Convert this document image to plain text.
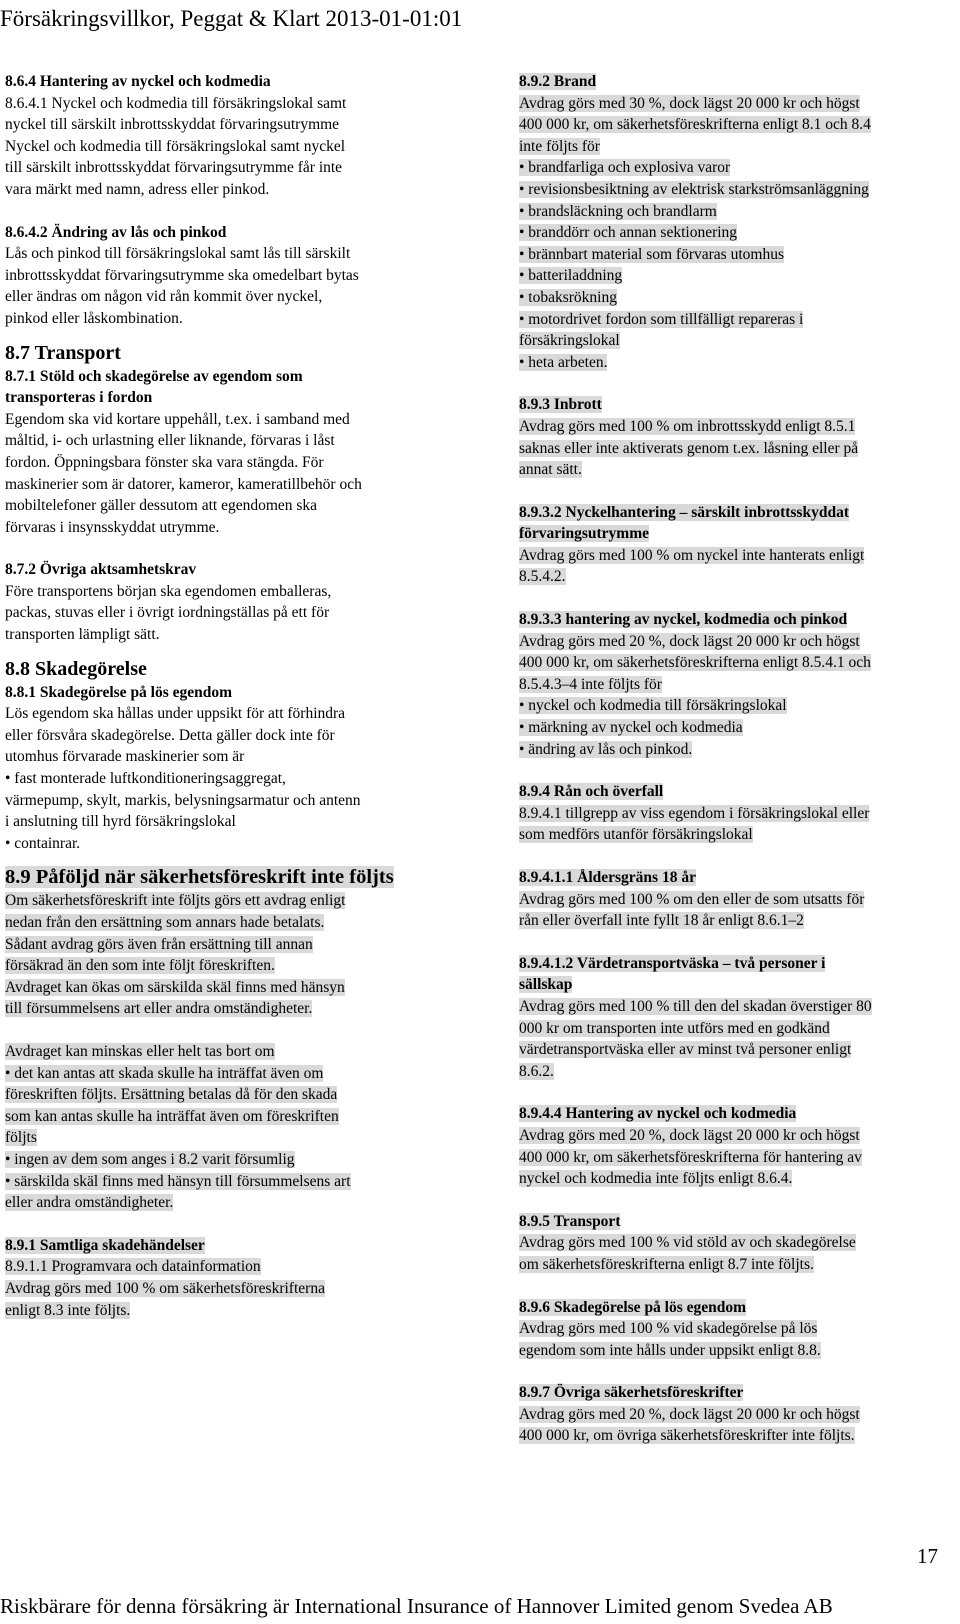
Försäkringsvillkor, Peggat & Klart 2013-01-01:01
8.6.4 Hantering av nyckel och kodmedia
8.6.4.1 Nyckel och kodmedia till försäkringslokal samt
nyckel till särskilt inbrottsskyddat förvaringsutrymme
Nyckel och kodmedia till försäkringslokal samt nyckel
till särskilt inbrottsskyddat förvaringsutrymme får inte
vara märkt med namn, adress eller pinkod.
8.6.4.2 Ändring av lås och pinkod
Lås och pinkod till försäkringslokal samt lås till särskilt
inbrottsskyddat förvaringsutrymme ska omedelbart bytas
eller ändras om någon vid rån kommit över nyckel,
pinkod eller låskombination.
8.7 Transport
8.7.1 Stöld och skadegörelse av egendom som
transporteras i fordon
Egendom ska vid kortare uppehåll, t.ex. i samband med
måltid, i- och urlastning eller liknande, förvaras i låst
fordon. Öppningsbara fönster ska vara stängda. För
maskinerier som är datorer, kameror, kameratillbehör och
mobiltelefoner gäller dessutom att egendomen ska
förvaras i insynsskyddat utrymme.
8.7.2 Övriga aktsamhetskrav
Före transportens början ska egendomen emballeras,
packas, stuvas eller i övrigt iordningställas på ett för
transporten lämpligt sätt.
8.8 Skadegörelse
8.8.1 Skadegörelse på lös egendom
Lös egendom ska hållas under uppsikt för att förhindra
eller försvåra skadegörelse. Detta gäller dock inte för
utomhus förvarade maskinerier som är
• fast monterade luftkonditioneringsaggregat,
värmepump, skylt, markis, belysningsarmatur och antenn
i anslutning till hyrd försäkringslokal
• containrar.
8.9 Påföljd när säkerhetsföreskrift inte följts
Om säkerhetsföreskrift inte följts görs ett avdrag enligt
nedan från den ersättning som annars hade betalats.
Sådant avdrag görs även från ersättning till annan
försäkrad än den som inte följt föreskriften.
Avdraget kan ökas om särskilda skäl finns med hänsyn
till försummelsens art eller andra omständigheter.
Avdraget kan minskas eller helt tas bort om
• det kan antas att skada skulle ha inträffat även om
föreskriften följts. Ersättning betalas då för den skada
som kan antas skulle ha inträffat även om föreskriften
följts
• ingen av dem som anges i 8.2 varit försumlig
• särskilda skäl finns med hänsyn till försummelsens art
eller andra omständigheter.
8.9.1 Samtliga skadehändelser
8.9.1.1 Programvara och datainformation
Avdrag görs med 100 % om säkerhetsföreskrifterna
enligt 8.3 inte följts.
8.9.2 Brand
Avdrag görs med 30 %, dock lägst 20 000 kr och högst
400 000 kr, om säkerhetsföreskrifterna enligt 8.1 och 8.4
inte följts för
• brandfarliga och explosiva varor
• revisionsbesiktning av elektrisk starkströmsanläggning
• brandsläckning och brandlarm
• branddörr och annan sektionering
• brännbart material som förvaras utomhus
• batteriladdning
• tobaksrökning
• motordrivet fordon som tillfälligt repareras i
försäkringslokal
• heta arbeten.
8.9.3 Inbrott
Avdrag görs med 100 % om inbrottsskydd enligt 8.5.1
saknas eller inte aktiverats genom t.ex. låsning eller på
annat sätt.
8.9.3.2 Nyckelhantering – särskilt inbrottsskyddat
förvaringsutrymme
Avdrag görs med 100 % om nyckel inte hanterats enligt
8.5.4.2.
8.9.3.3 hantering av nyckel, kodmedia och pinkod
Avdrag görs med 20 %, dock lägst 20 000 kr och högst
400 000 kr, om säkerhetsföreskrifterna enligt 8.5.4.1 och
8.5.4.3–4 inte följts för
• nyckel och kodmedia till försäkringslokal
• märkning av nyckel och kodmedia
• ändring av lås och pinkod.
8.9.4 Rån och överfall
8.9.4.1 tillgrepp av viss egendom i försäkringslokal eller
som medförs utanför försäkringslokal
8.9.4.1.1 Åldersgräns 18 år
Avdrag görs med 100 % om den eller de som utsatts för
rån eller överfall inte fyllt 18 år enligt 8.6.1–2
8.9.4.1.2 Värdetransportväska – två personer i
sällskap
Avdrag görs med 100 % till den del skadan överstiger 80
000 kr om transporten inte utförs med en godkänd
värdetransportväska eller av minst två personer enligt
8.6.2.
8.9.4.4 Hantering av nyckel och kodmedia
Avdrag görs med 20 %, dock lägst 20 000 kr och högst
400 000 kr, om säkerhetsföreskrifterna för hantering av
nyckel och kodmedia inte följts enligt 8.6.4.
8.9.5 Transport
Avdrag görs med 100 % vid stöld av och skadegörelse
om säkerhetsföreskrifterna enligt 8.7 inte följts.
8.9.6 Skadegörelse på lös egendom
Avdrag görs med 100 % vid skadegörelse på lös
egendom som inte hålls under uppsikt enligt 8.8.
8.9.7 Övriga säkerhetsföreskrifter
Avdrag görs med 20 %, dock lägst 20 000 kr och högst
400 000 kr, om övriga säkerhetsföreskrifter inte följts.
17
Riskbärare för denna försäkring är International Insurance of Hannover Limited genom Svedea AB
